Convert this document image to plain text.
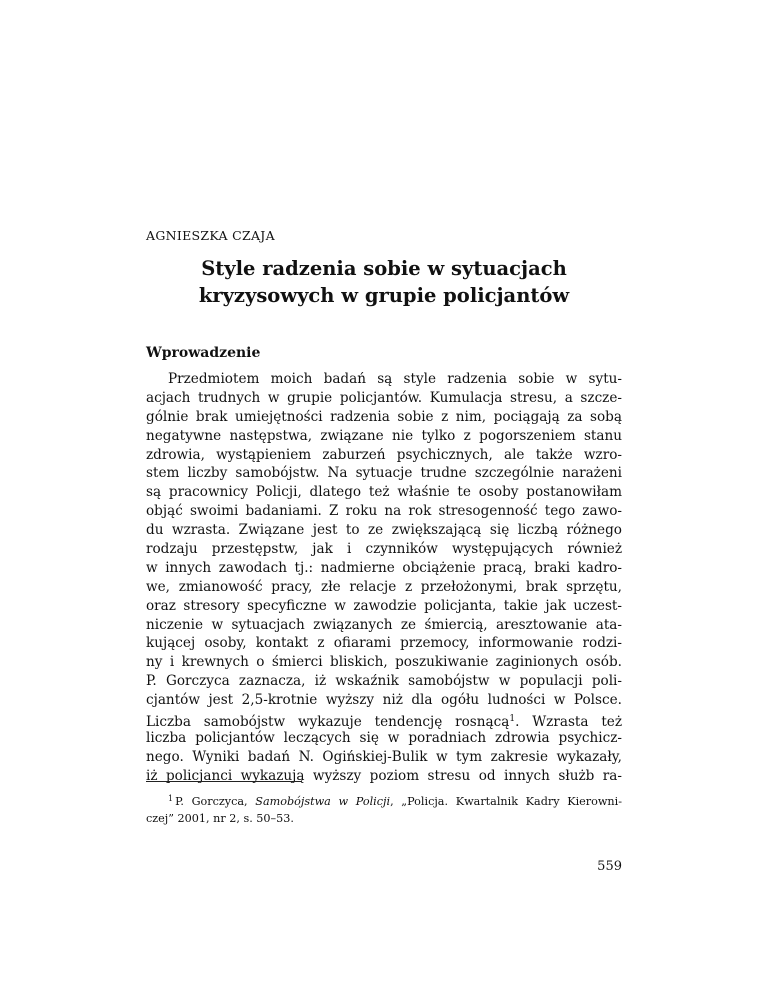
AGNIESZKA CZAJA
Style radzenia sobie w sytuacjach
kryzysowych w grupie policjantów
Wprowadzenie
Przedmiotem moich badań są style radzenia sobie w sytu-
acjach trudnych w grupie policjantów. Kumulacja stresu, a szcze-
gólnie brak umiejętności radzenia sobie z nim, pociągają za sobą
negatywne następstwa, związane nie tylko z pogorszeniem stanu
zdrowia, wystąpieniem zaburzeń psychicznych, ale także wzro-
stem liczby samobójstw. Na sytuacje trudne szczególnie narażeni
są pracownicy Policji, dlatego też właśnie te osoby postanowiłam
objąć swoimi badaniami. Z roku na rok stresogenność tego zawo-
du wzrasta. Związane jest to ze zwiększającą się liczbą różnego
rodzaju przestępstw, jak i czynników występujących również
w innych zawodach tj.: nadmierne obciążenie pracą, braki kadro-
we, zmianowość pracy, złe relacje z przełożonymi, brak sprzętu,
oraz stresory specyficzne w zawodzie policjanta, takie jak uczest-
niczenie w sytuacjach związanych ze śmiercią, aresztowanie ata-
kującej osoby, kontakt z ofiarami przemocy, informowanie rodzi-
ny i krewnych o śmierci bliskich, poszukiwanie zaginionych osób.
P. Gorczyca zaznacza, iż wskaźnik samobójstw w populacji poli-
cjantów jest 2,5-krotnie wyższy niż dla ogółu ludności w Polsce.
Liczba samobójstw wykazuje tendencję rosnącą$^1$. Wzrasta też
liczba policjantów leczących się w poradniach zdrowia psychicz-
nego. Wyniki badań N. Ogińskiej-Bulik w tym zakresie wykazały,
iż policjanci wykazują wyższy poziom stresu od innych służb ra-
$^1$ P. Gorczyca, Samobójstwa w Policji, „Policja. Kwartalnik Kadry Kierowni-
czej” 2001, nr 2, s. 50–53.
559
